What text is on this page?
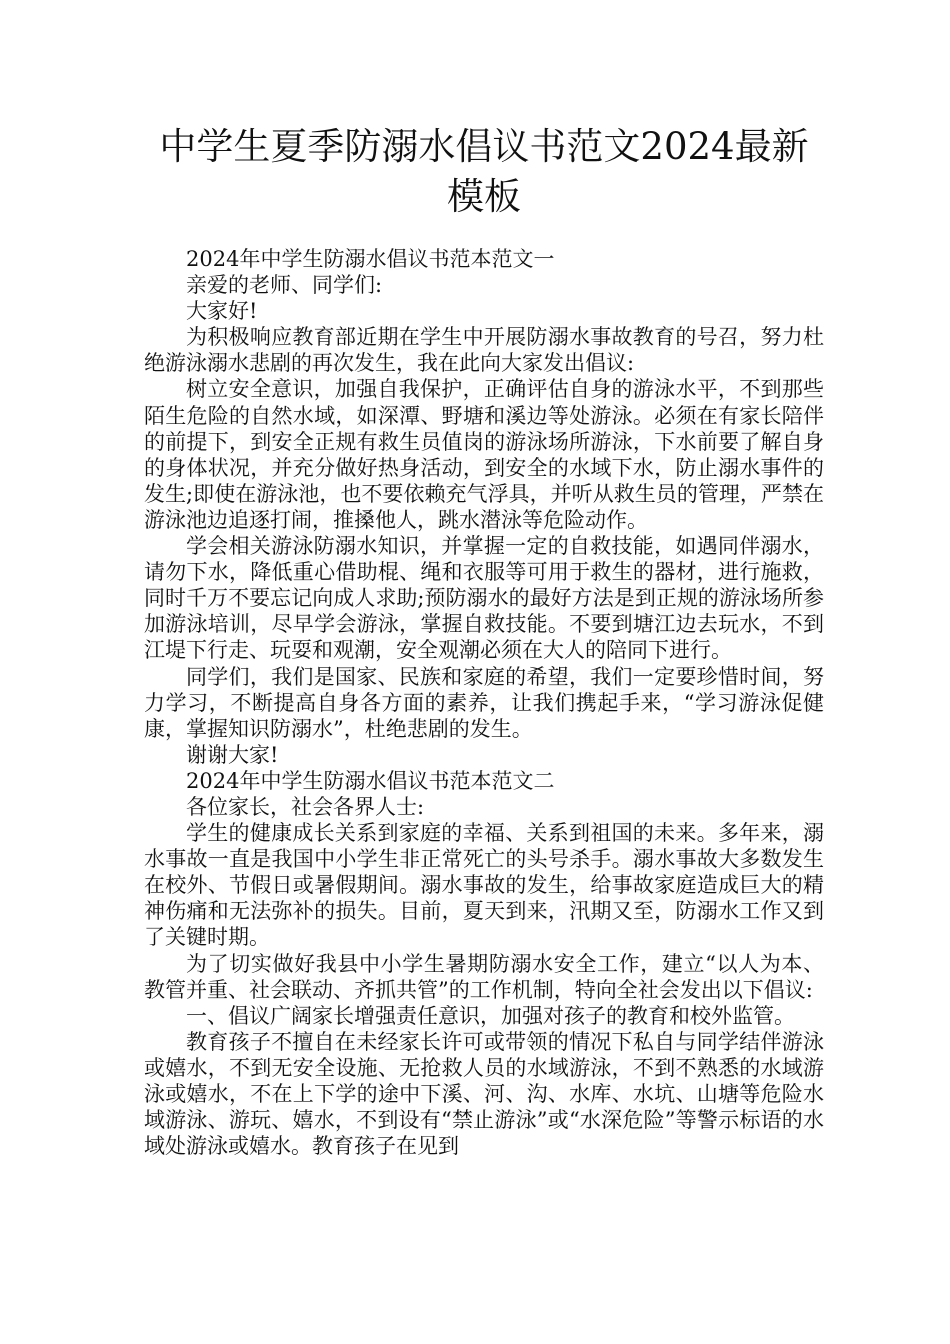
中学生夏季防溺水倡议书范文2024最新模板

2024年中学生防溺水倡议书范本范文一

亲爱的老师、同学们:

大家好!

为积极响应教育部近期在学生中开展防溺水事故教育的号召，努力杜绝游泳溺水悲剧的再次发生，我在此向大家发出倡议:

树立安全意识，加强自我保护，正确评估自身的游泳水平，不到那些陌生危险的自然水域，如深潭、野塘和溪边等处游泳。必须在有家长陪伴的前提下，到安全正规有救生员值岗的游泳场所游泳，下水前要了解自身的身体状况，并充分做好热身活动，到安全的水域下水，防止溺水事件的发生;即使在游泳池，也不要依赖充气浮具，并听从救生员的管理，严禁在游泳池边追逐打闹，推搡他人，跳水潜泳等危险动作。

学会相关游泳防溺水知识，并掌握一定的自救技能，如遇同伴溺水，请勿下水，降低重心借助棍、绳和衣服等可用于救生的器材，进行施救，同时千万不要忘记向成人求助;预防溺水的最好方法是到正规的游泳场所参加游泳培训，尽早学会游泳，掌握自救技能。不要到塘江边去玩水，不到江堤下行走、玩耍和观潮，安全观潮必须在大人的陪同下进行。

同学们，我们是国家、民族和家庭的希望，我们一定要珍惜时间，努力学习，不断提高自身各方面的素养，让我们携起手来，“学习游泳促健康，掌握知识防溺水”，杜绝悲剧的发生。

谢谢大家!

2024年中学生防溺水倡议书范本范文二

各位家长，社会各界人士:

学生的健康成长关系到家庭的幸福、关系到祖国的未来。多年来，溺水事故一直是我国中小学生非正常死亡的头号杀手。溺水事故大多数发生在校外、节假日或暑假期间。溺水事故的发生，给事故家庭造成巨大的精神伤痛和无法弥补的损失。目前，夏天到来，汛期又至，防溺水工作又到了关键时期。

为了切实做好我县中小学生暑期防溺水安全工作，建立“以人为本、教管并重、社会联动、齐抓共管”的工作机制，特向全社会发出以下倡议:

一、倡议广阔家长增强责任意识，加强对孩子的教育和校外监管。

教育孩子不擅自在未经家长许可或带领的情况下私自与同学结伴游泳或嬉水，不到无安全设施、无抢救人员的水域游泳，不到不熟悉的水域游泳或嬉水，不在上下学的途中下溪、河、沟、水库、水坑、山塘等危险水域游泳、游玩、嬉水，不到设有“禁止游泳”或“水深危险”等警示标语的水域处游泳或嬉水。教育孩子在见到
